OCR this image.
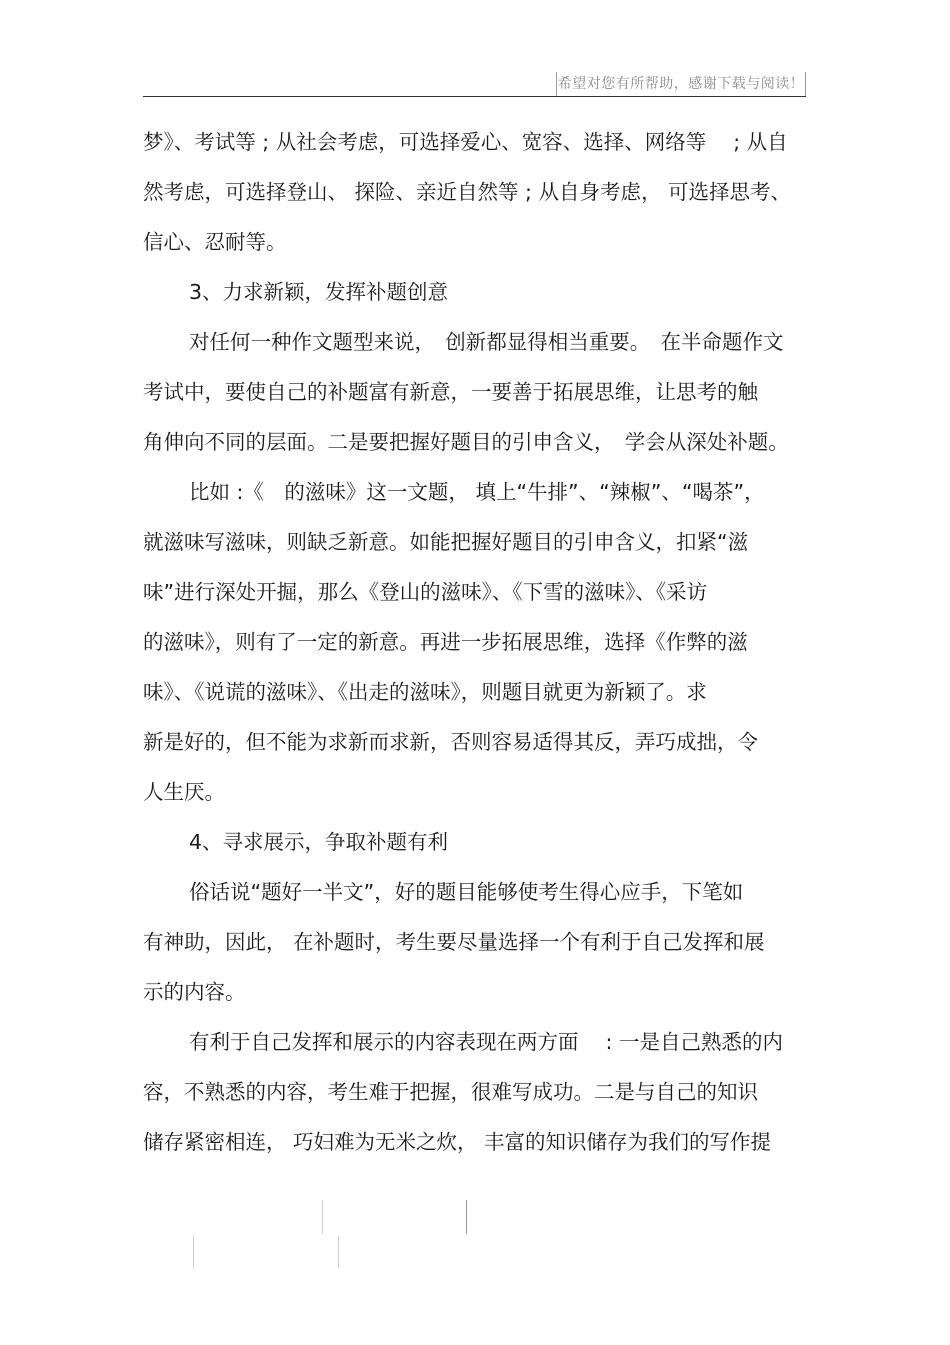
希望对您有所帮助，感谢下载与阅读！
梦》、考试等 ; 从社会考虑，可选择爱心、宽容、选择、网络等　 ; 从自
然考虑，可选择登山、 探险、亲近自然等 ; 从自身考虑， 可选择思考、
信心、忍耐等。
3、力求新颖，发挥补题创意
对任何一种作文题型来说，　创新都显得相当重要。　在半命题作文
考试中，要使自己的补题富有新意，一要善于拓展思维，让思考的触
角伸向不同的层面。二是要把握好题目的引申含义，　学会从深处补题。
比如 :《　的滋味》这一文题， 填上“牛排”、“辣椒”、“喝茶”，
就滋味写滋味，则缺乏新意。如能把握好题目的引申含义，扣紧“滋
味”进行深处开掘，那么《登山的滋味》、《下雪的滋味》、《采访
的滋味》，则有了一定的新意。再进一步拓展思维，选择《作弊的滋
味》、《说谎的滋味》、《出走的滋味》，则题目就更为新颖了。求
新是好的，但不能为求新而求新，否则容易适得其反，弄巧成拙，令
人生厌。
4、寻求展示，争取补题有利
俗话说“题好一半文”，好的题目能够使考生得心应手，下笔如
有神助，因此， 在补题时，考生要尽量选择一个有利于自己发挥和展
示的内容。
有利于自己发挥和展示的内容表现在两方面　 : 一是自己熟悉的内
容，不熟悉的内容，考生难于把握，很难写成功。二是与自己的知识
储存紧密相连， 巧妇难为无米之炊， 丰富的知识储存为我们的写作提
